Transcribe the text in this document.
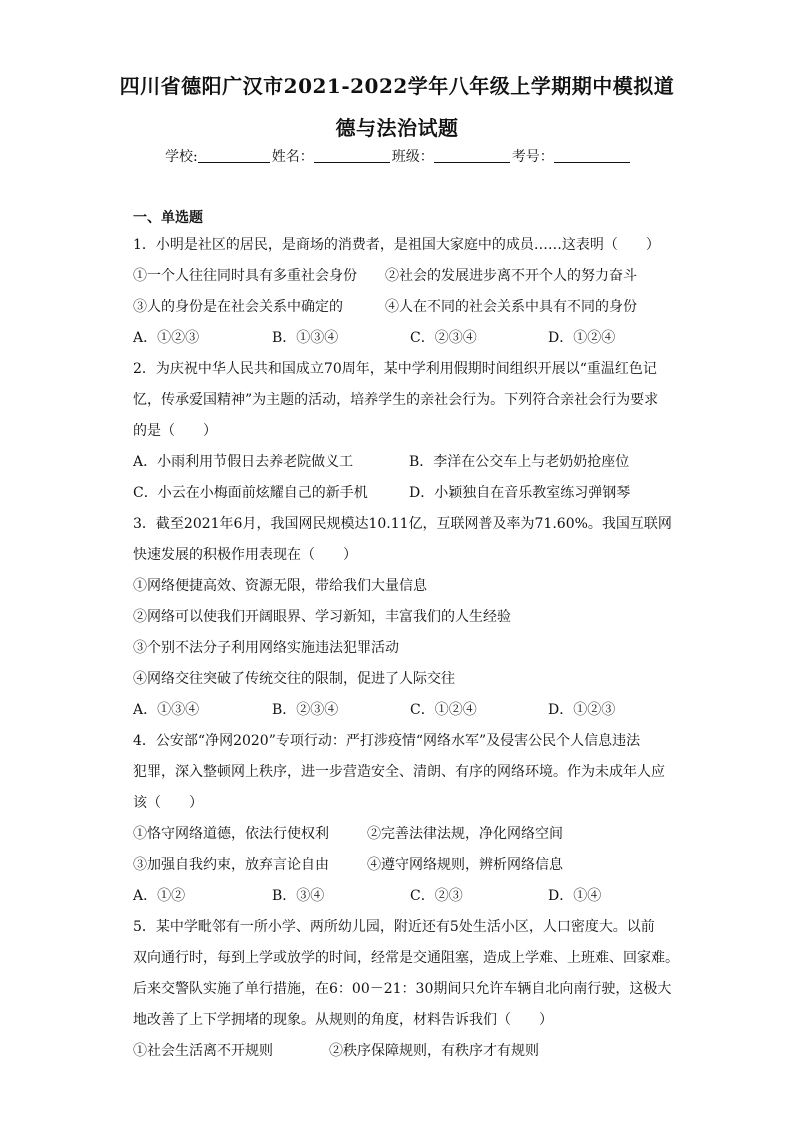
四川省德阳广汉市2021-2022学年八年级上学期期中模拟道
德与法治试题
学校:	姓名：	班级：	考号：
一、单选题
1．小明是社区的居民，是商场的消费者，是祖国大家庭中的成员……这表明（　　）
①一个人往往同时具有多重社会身份 ②社会的发展进步离不开个人的努力奋斗
③人的身份是在社会关系中确定的	④人在不同的社会关系中具有不同的身份
A．①②③	B．①③④	C．②③④	D．①②④
2．为庆祝中华人民共和国成立70周年，某中学利用假期时间组织开展以“重温红色记
忆，传承爱国精神”为主题的活动，培养学生的亲社会行为。下列符合亲社会行为要求
的是（　　）
A．小雨利用节假日去养老院做义工	B．李洋在公交车上与老奶奶抢座位
C．小云在小梅面前炫耀自己的新手机	D．小颖独自在音乐教室练习弹钢琴
3．截至2021年6月，我国网民规模达10.11亿，互联网普及率为71.60%。我国互联网
快速发展的积极作用表现在（　　）
①网络便捷高效、资源无限，带给我们大量信息
②网络可以使我们开阔眼界、学习新知，丰富我们的人生经验
③个别不法分子利用网络实施违法犯罪活动
④网络交往突破了传统交往的限制，促进了人际交往
A．①③④	B．②③④	C．①②④	D．①②③
4．公安部“净网2020”专项行动：严打涉疫情“网络水军”及侵害公民个人信息违法
犯罪，深入整顿网上秩序，进一步营造安全、清朗、有序的网络环境。作为未成年人应
该（　　）
①恪守网络道德，依法行使权利	②完善法律法规，净化网络空间
③加强自我约束，放弃言论自由	④遵守网络规则，辨析网络信息
A．①②	B．③④	C．②③	D．①④
5．某中学毗邻有一所小学、两所幼儿园，附近还有5处生活小区，人口密度大。以前
双向通行时，每到上学或放学的时间，经常是交通阻塞，造成上学难、上班难、回家难。
后来交警队实施了单行措施，在6：00－21：30期间只允许车辆自北向南行驶，这极大
地改善了上下学拥堵的现象。从规则的角度，材料告诉我们（　　）
①社会生活离不开规则	②秩序保障规则，有秩序才有规则
